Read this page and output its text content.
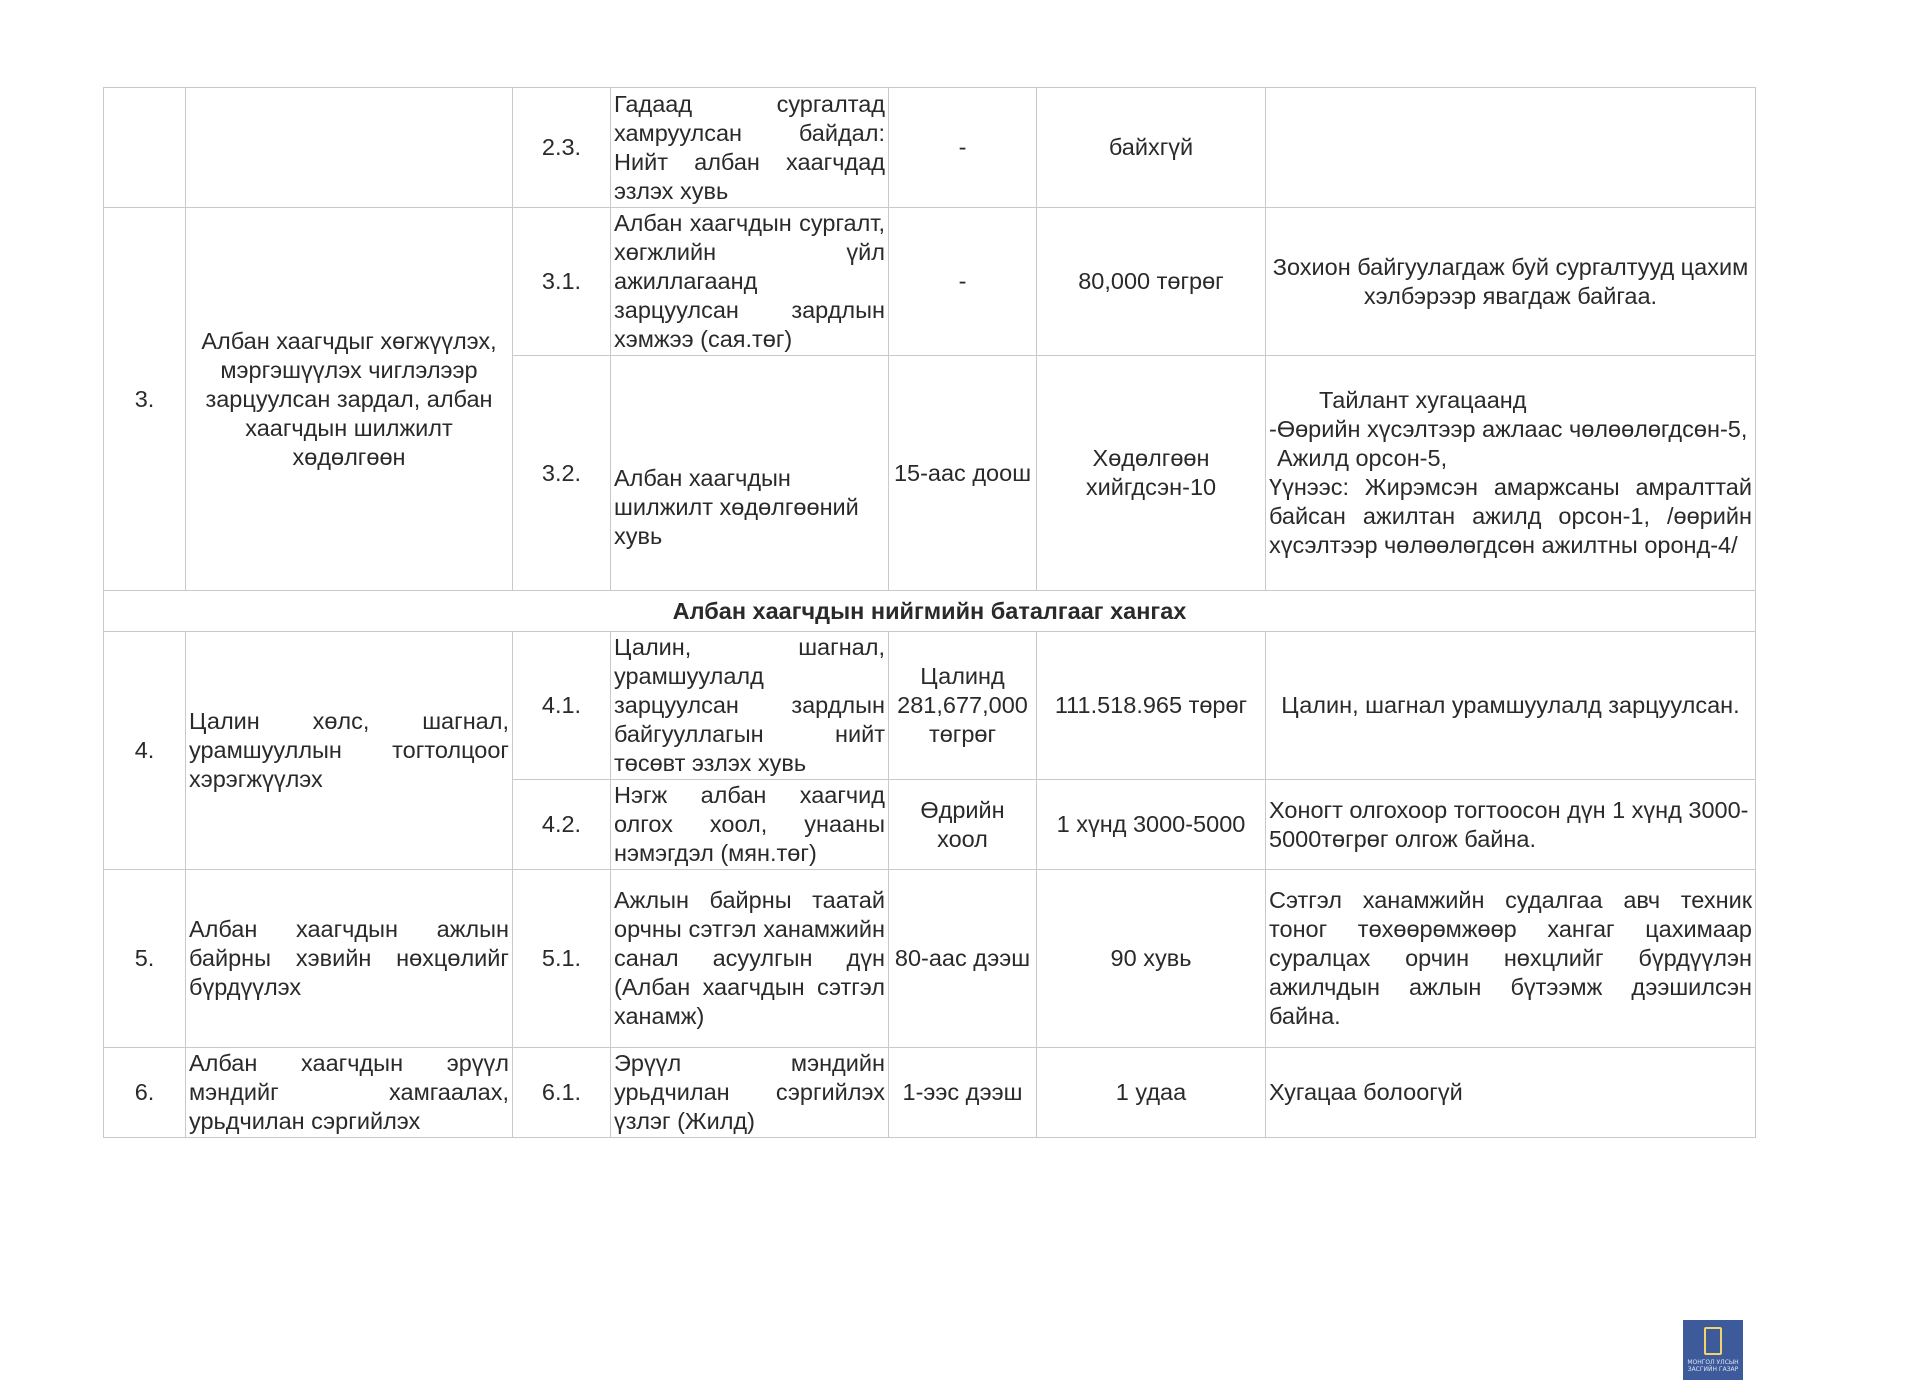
		2.3.	Гадаад сургалтад хамруулсан байдал: Нийт албан хаагчдад эзлэх хувь	-	байхгүй	
3.	Албан хаагчдыг хөгжүүлэх, мэргэшүүлэх чиглэлээр зарцуулсан зардал, албан хаагчдын шилжилт хөдөлгөөн	3.1.	Албан хаагчдын сургалт, хөгжлийн үйл ажиллагаанд зарцуулсан зардлын хэмжээ (сая.төг)	-	80,000 төгрөг	Зохион байгуулагдаж буй сургалтууд цахим хэлбэрээр явагдаж байгаа.
		3.2.	Албан хаагчдын шилжилт хөдөлгөөний хувь	15-аас доош	Хөдөлгөөн хийгдсэн-10	Тайлант хугацаанд
-Өөрийн хүсэлтээр ажлаас чөлөөлөгдсөн-5,
Ажилд орсон-5,
Үүнээс: Жирэмсэн амаржсаны амралттай байсан ажилтан ажилд орсон-1, /өөрийн хүсэлтээр чөлөөлөгдсөн ажилтны оронд-4/

Албан хаагчдын нийгмийн баталгааг хангах						
4.	Цалин хөлс, шагнал, урамшууллын тогтолцоог хэрэгжүүлэх	4.1.	Цалин, шагнал, урамшуулалд зарцуулсан зардлын байгууллагын нийт төсөвт эзлэх хувь	Цалинд 281,677,000 төгрөг	111.518.965 төрөг	Цалин, шагнал урамшуулалд зарцуулсан.
		4.2.	Нэгж албан хаагчид олгох хоол, унааны нэмэгдэл (мян.төг)	Өдрийн хоол	1 хүнд 3000-5000	Хоногт олгохоор тогтоосон дүн 1 хүнд 3000-5000төгрөг олгож байна.
5.	Албан хаагчдын ажлын байрны хэвийн нөхцөлийг бүрдүүлэх	5.1.	Ажлын байрны таатай орчны сэтгэл ханамжийн санал асуулгын дүн (Албан хаагчдын сэтгэл ханамж)	80-аас дээш	90 хувь	Сэтгэл ханамжийн судалгаа авч техник тоног төхөөрөмжөөр хангаг цахимаар суралцах орчин нөхцлийг бүрдүүлэн ажилчдын ажлын бүтээмж дээшилсэн байна.
6.	Албан хаагчдын эрүүл мэндийг хамгаалах, урьдчилан сэргийлэх	6.1.	Эрүүл мэндийн урьдчилан сэргийлэх үзлэг (Жилд)	1-ээс дээш	1 удаа	Хугацаа болоогүй
МОНГОЛ УЛСЫН ЗАСГИЙН ГАЗАР
